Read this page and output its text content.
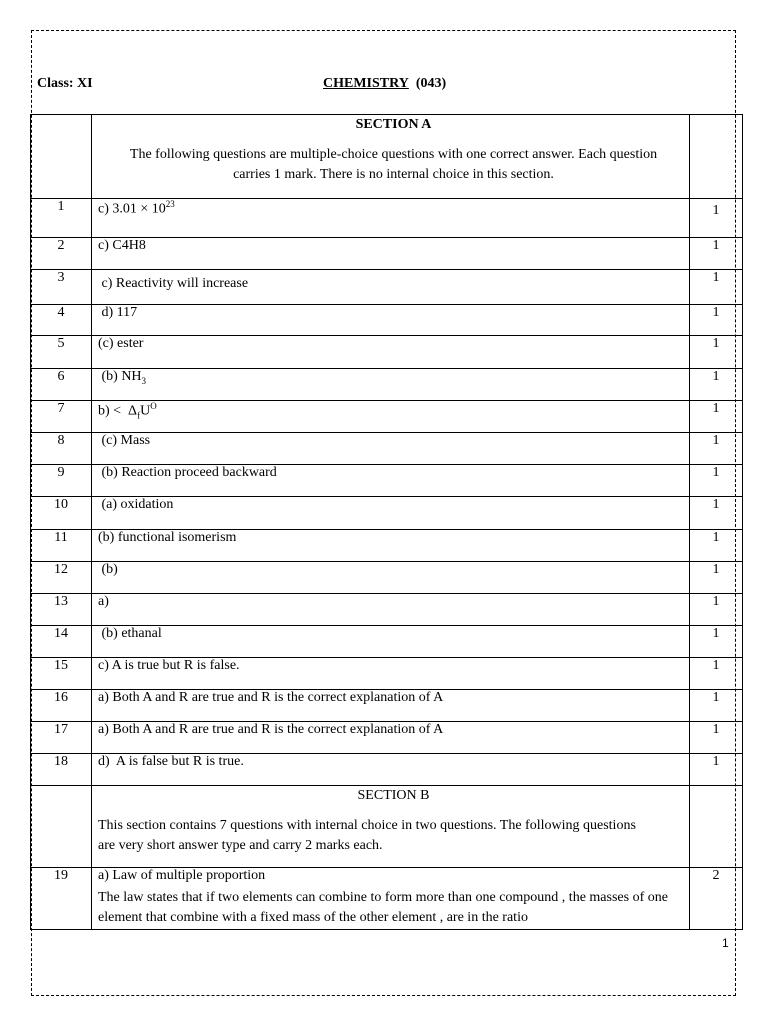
Class: XI	CHEMISTRY (043)

	SECTION A
The following questions are multiple-choice questions with one correct answer. Each question carries 1 mark. There is no internal choice in this section.	

1	c) $3.01 \times 10^{23}$	1

2	c) C4H8	1
3	c) Reactivity will increase	1
4	d) 117	1
5	(c) ester	1
6	(b) $NH_3$	1
7	$b) < \Delta_fU^O$	1
8	(c) Mass	1
9	(b) Reaction proceed backward	1
10	(a) oxidation	1
11	(b) functional isomerism	1
12	(b)	1
13	a)	1
14	(b) ethanal	1
15	c) A is true but R is false.	1
16	a) Both A and R are true and R is the correct explanation of A	1
17	a) Both A and R are true and R is the correct explanation of A	1
18	d)  A is false but R is true.	1

	SECTION B
This section contains 7 questions with internal choice in two questions. The following questions are very short answer type and carry 2 marks each.	

19	a) Law of multiple proportion
The law states that if two elements can combine to form more than one compound , the masses of one element that combine with a fixed mass of the other element , are in the ratio	2
1
